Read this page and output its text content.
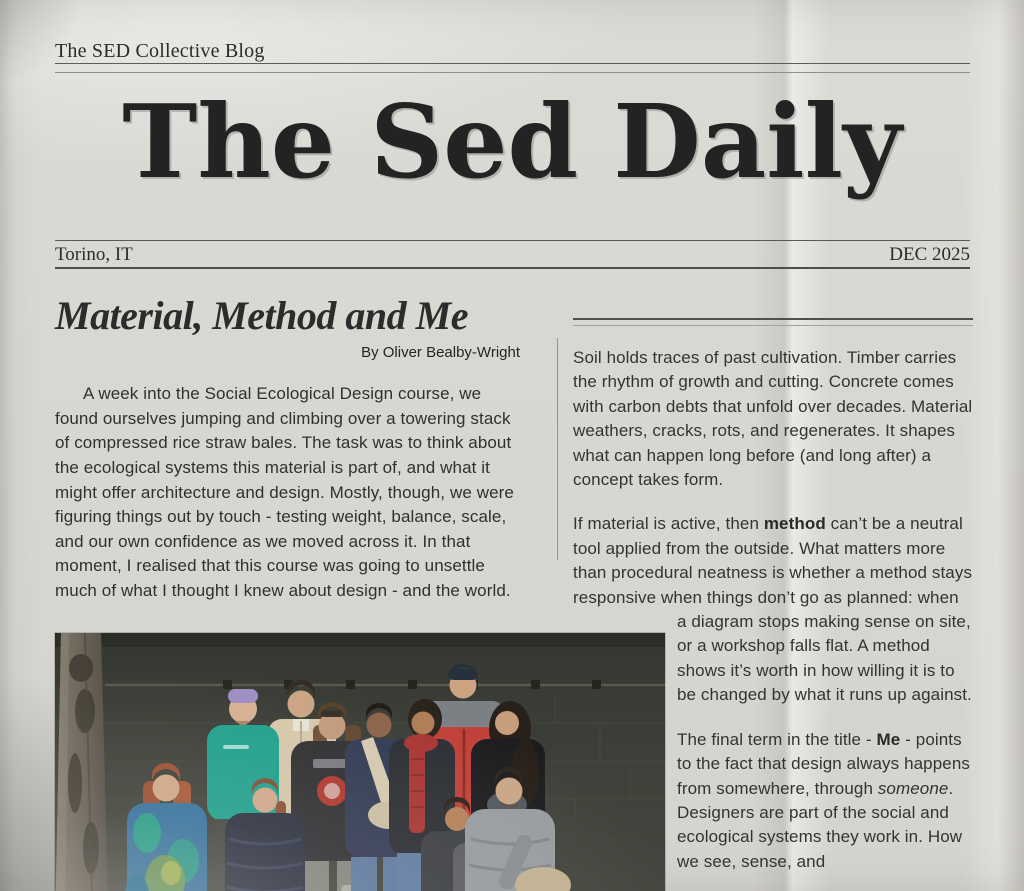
The SED Collective Blog
The Sed Daily
Torino, IT	DEC 2025
Material, Method and Me
By Oliver Bealby-Wright

A week into the Social Ecological Design course, we found ourselves jumping and climbing over a towering stack of compressed rice straw bales. The task was to think about the ecological systems this material is part of, and what it might offer architecture and design. Mostly, though, we were figuring things out by touch - testing weight, balance, scale, and our own confidence as we moved across it. In that moment, I realised that this course was going to unsettle much of what I thought I knew about design - and the world.

Soil holds traces of past cultivation. Timber carries the rhythm of growth and cutting. Concrete comes with carbon debts that unfold over decades. Material weathers, cracks, rots, and regenerates. It shapes what can happen long before (and long after) a concept takes form.

If material is active, then method can’t be a neutral tool applied from the outside. What matters more than procedural neatness is whether a method stays responsive when things don’t go as planned: when a diagram stops making sense on site, or a workshop falls flat. A method shows it’s worth in how willing it is to be changed by what it runs up against.

The final term in the title - Me - points to the fact that design always happens from somewhere, through someone. Designers are part of the social and ecological systems they work in. How we see, sense, and
